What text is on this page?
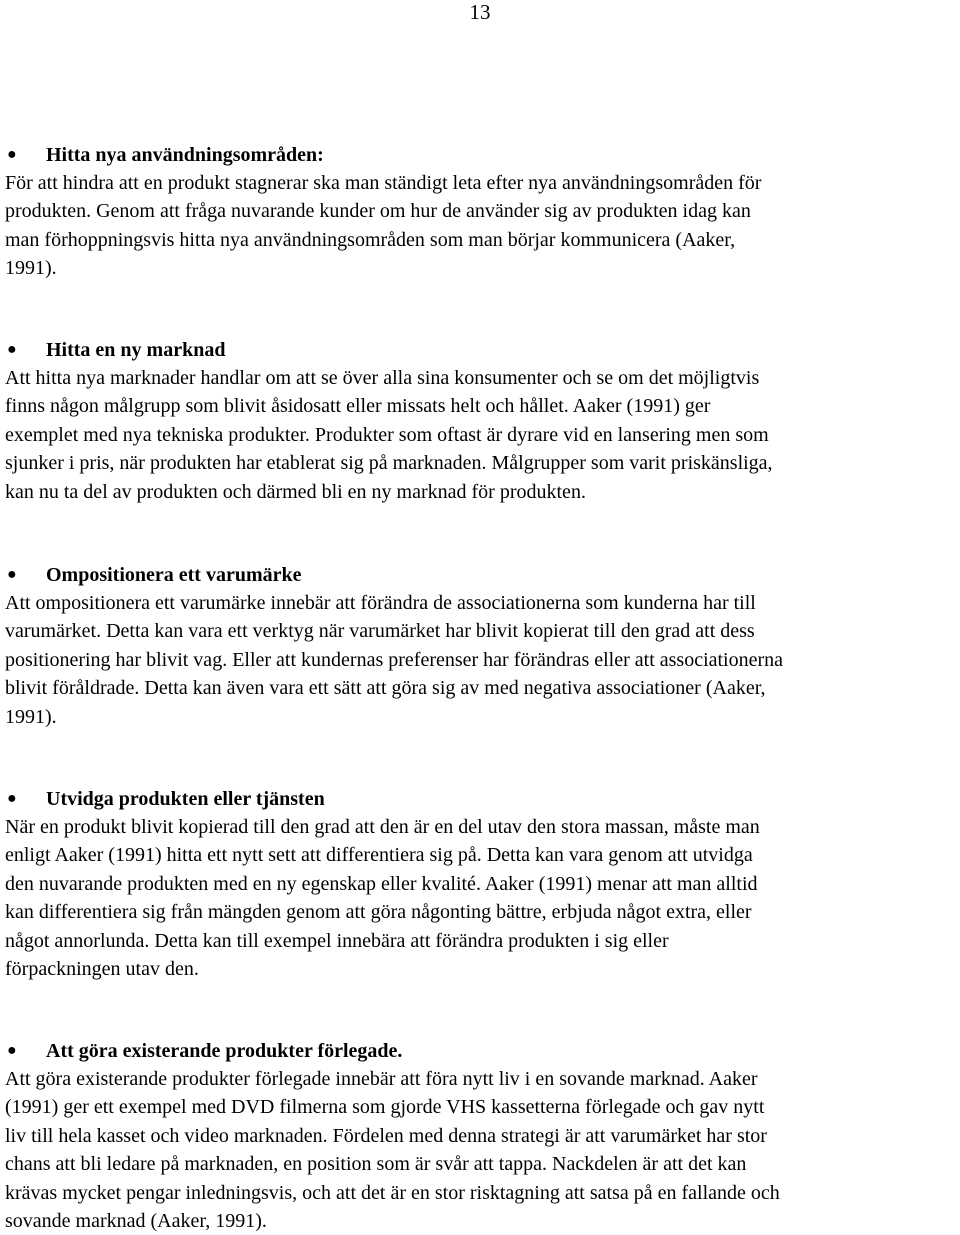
13
●	Hitta nya användningsområden:

För att hindra att en produkt stagnerar ska man ständigt leta efter nya användningsområden för
produkten. Genom att fråga nuvarande kunder om hur de använder sig av produkten idag kan
man förhoppningsvis hitta nya användningsområden som man börjar kommunicera (Aaker,
1991).

●	Hitta en ny marknad

Att hitta nya marknader handlar om att se över alla sina konsumenter och se om det möjligtvis
finns någon målgrupp som blivit åsidosatt eller missats helt och hållet. Aaker (1991) ger
exemplet med nya tekniska produkter. Produkter som oftast är dyrare vid en lansering men som
sjunker i pris, när produkten har etablerat sig på marknaden. Målgrupper som varit priskänsliga,
kan nu ta del av produkten och därmed bli en ny marknad för produkten.

●	Ompositionera ett varumärke

Att ompositionera ett varumärke innebär att förändra de associationerna som kunderna har till
varumärket. Detta kan vara ett verktyg när varumärket har blivit kopierat till den grad att dess
positionering har blivit vag. Eller att kundernas preferenser har förändras eller att associationerna
blivit föråldrade. Detta kan även vara ett sätt att göra sig av med negativa associationer (Aaker,
1991).

●	Utvidga produkten eller tjänsten

När en produkt blivit kopierad till den grad att den är en del utav den stora massan, måste man
enligt Aaker (1991) hitta ett nytt sett att differentiera sig på. Detta kan vara genom att utvidga
den nuvarande produkten med en ny egenskap eller kvalité. Aaker (1991) menar att man alltid
kan differentiera sig från mängden genom att göra någonting bättre, erbjuda något extra, eller
något annorlunda. Detta kan till exempel innebära att förändra produkten i sig eller
förpackningen utav den.

●	Att göra existerande produkter förlegade.

Att göra existerande produkter förlegade innebär att föra nytt liv i en sovande marknad. Aaker
(1991) ger ett exempel med DVD filmerna som gjorde VHS kassetterna förlegade och gav nytt
liv till hela kasset och video marknaden. Fördelen med denna strategi är att varumärket har stor
chans att bli ledare på marknaden, en position som är svår att tappa. Nackdelen är att det kan
krävas mycket pengar inledningsvis, och att det är en stor risktagning att satsa på en fallande och
sovande marknad (Aaker, 1991).
